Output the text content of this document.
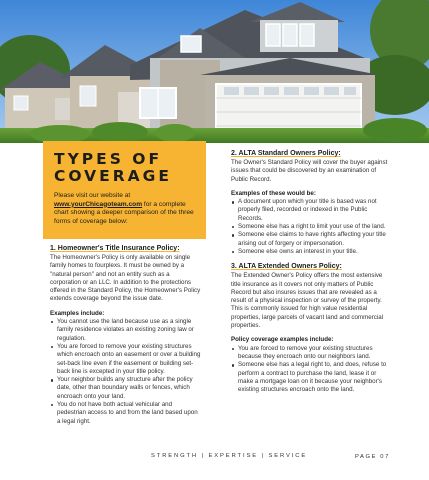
TYPES OF
COVERAGE
Please visit our website at
www.yourChicagoteam.com for a complete chart showing a deeper comparison of the three forms of coverage below:
1. Homeowner's Title Insurance Policy:
The Homeowner's Policy is only available on single family homes to fourplexs. It must be owned by a "natural person" and not an entity such as a corporation or an LLC. In addition to the protections offered in the Standard Policy, the Homeowner's Policy extends coverage beyond the issue date.
Examples include:
You cannot use the land because use as a single family residence violates an existing zoning law or regulation.
You are forced to remove your existing structures which encroach onto an easement or over a building set-back line even if the easement or building set-back line is excepted in your title policy.
Your neighbor builds any structure after the policy date, other than boundary walls or fences, which encroach onto your land.
You do not have both actual vehicular and pedestrian access to and from the land based upon a legal right.
2. ALTA Standard Owners Policy:
The Owner's Standard Policy will cover the buyer against issues that could be discovered by an examination of Public Record.
Examples of these would be:
A document upon which your title is based was not properly filed, recorded or indexed in the Public Records.
Someone else has a right to limit your use of the land.
Someone else claims to have rights affecting your title arising out of forgery or impersonation.
Someone else owns an interest in your title.
3. ALTA Extended Owners Policy:
The Extended Owner's Policy offers the most extensive title insurance as it covers not only matters of Public Record but also insures issues that are revealed as a result of a physical inspection or survey of the property. This is commonly issued for high value residential properties, large parcels of vacant land and commercial properties.
Policy coverage examples include:
You are forced to remove your existing structures because they encroach onto our neighbors land.
Someone else has a legal right to, and does, refuse to perform a contract to purchase the land, lease it or make a mortgage loan on it because your neighbor's existing structures encroach onto the land.
STRENGTH | EXPERTISE | SERVICE	PAGE 07
